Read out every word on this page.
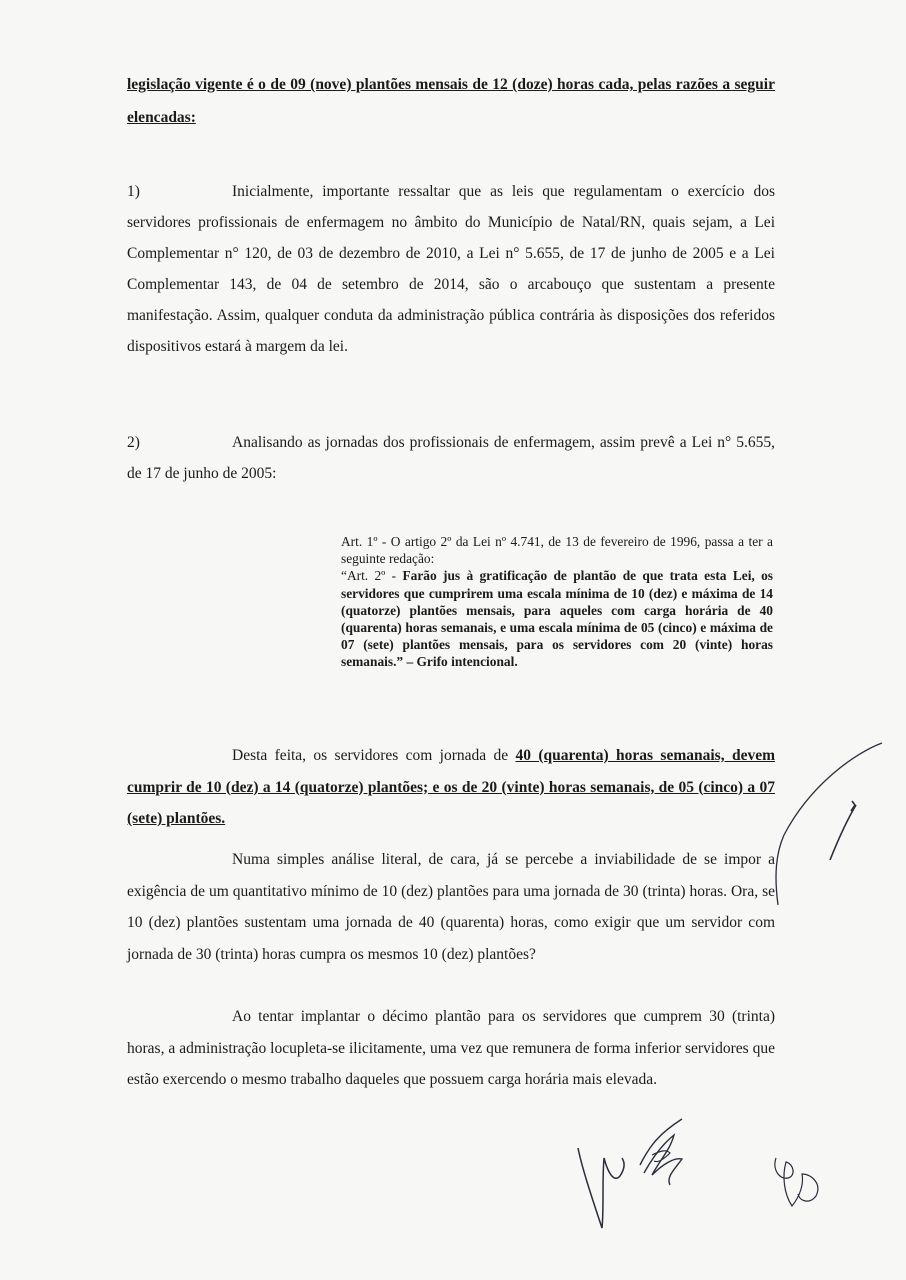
legislação vigente é o de 09 (nove) plantões mensais de 12 (doze) horas cada, pelas razões a seguir elencadas:
1)	Inicialmente, importante ressaltar que as leis que regulamentam o exercício dos servidores profissionais de enfermagem no âmbito do Município de Natal/RN, quais sejam, a Lei Complementar n° 120, de 03 de dezembro de 2010, a Lei n° 5.655, de 17 de junho de 2005 e a Lei Complementar 143, de 04 de setembro de 2014, são o arcabouço que sustentam a presente manifestação. Assim, qualquer conduta da administração pública contrária às disposições dos referidos dispositivos estará à margem da lei.
2)	Analisando as jornadas dos profissionais de enfermagem, assim prevê a Lei n° 5.655, de 17 de junho de 2005:
Art. 1º - O artigo 2º da Lei nº 4.741, de 13 de fevereiro de 1996, passa a ter a seguinte redação:
“Art. 2º - Farão jus à gratificação de plantão de que trata esta Lei, os servidores que cumprirem uma escala mínima de 10 (dez) e máxima de 14 (quatorze) plantões mensais, para aqueles com carga horária de 40 (quarenta) horas semanais, e uma escala mínima de 05 (cinco) e máxima de 07 (sete) plantões mensais, para os servidores com 20 (vinte) horas semanais.” – Grifo intencional.
Desta feita, os servidores com jornada de 40 (quarenta) horas semanais, devem cumprir de 10 (dez) a 14 (quatorze) plantões; e os de 20 (vinte) horas semanais, de 05 (cinco) a 07 (sete) plantões.
Numa simples análise literal, de cara, já se percebe a inviabilidade de se impor a exigência de um quantitativo mínimo de 10 (dez) plantões para uma jornada de 30 (trinta) horas. Ora, se 10 (dez) plantões sustentam uma jornada de 40 (quarenta) horas, como exigir que um servidor com jornada de 30 (trinta) horas cumpra os mesmos 10 (dez) plantões?
Ao tentar implantar o décimo plantão para os servidores que cumprem 30 (trinta) horas, a administração locupleta-se ilicitamente, uma vez que remunera de forma inferior servidores que estão exercendo o mesmo trabalho daqueles que possuem carga horária mais elevada.
